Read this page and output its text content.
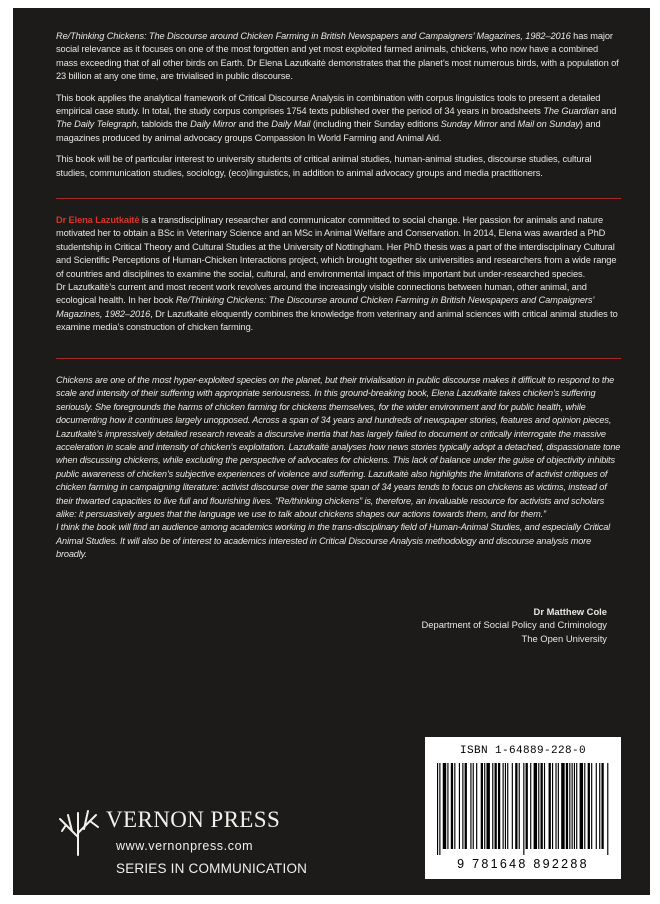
Re/Thinking Chickens: The Discourse around Chicken Farming in British Newspapers and Campaigners’ Magazines, 1982–2016 has major social relevance as it focuses on one of the most forgotten and yet most exploited farmed animals, chickens, who now have a combined mass exceeding that of all other birds on Earth. Dr Elena Lazutkaitė demonstrates that the planet’s most numerous birds, with a population of 23 billion at any one time, are trivialised in public discourse.

This book applies the analytical framework of Critical Discourse Analysis in combination with corpus linguistics tools to present a detailed empirical case study. In total, the study corpus comprises 1754 texts published over the period of 34 years in broadsheets The Guardian and The Daily Telegraph, tabloids the Daily Mirror and the Daily Mail (including their Sunday editions Sunday Mirror and Mail on Sunday) and magazines produced by animal advocacy groups Compassion In World Farming and Animal Aid.

This book will be of particular interest to university students of critical animal studies, human-animal studies, discourse studies, cultural studies, communication studies, sociology, (eco)linguistics, in addition to animal advocacy groups and media practitioners.

Dr Elena Lazutkaitė is a transdisciplinary researcher and communicator committed to social change. Her passion for animals and nature motivated her to obtain a BSc in Veterinary Science and an MSc in Animal Welfare and Conservation. In 2014, Elena was awarded a PhD studentship in Critical Theory and Cultural Studies at the University of Nottingham. Her PhD thesis was a part of the interdisciplinary Cultural and Scientific Perceptions of Human-Chicken Interactions project, which brought together six universities and researchers from a wide range of countries and disciplines to examine the social, cultural, and environmental impact of this important but under-researched species.

Dr Lazutkaitė’s current and most recent work revolves around the increasingly visible connections between human, other animal, and ecological health. In her book Re/Thinking Chickens: The Discourse around Chicken Farming in British Newspapers and Campaigners’ Magazines, 1982–2016, Dr Lazutkaitė eloquently combines the knowledge from veterinary and animal sciences with critical animal studies to examine media’s construction of chicken farming.

Chickens are one of the most hyper-exploited species on the planet, but their trivialisation in public discourse makes it difficult to respond to the scale and intensity of their suffering with appropriate seriousness. In this ground-breaking book, Elena Lazutkaitė takes chicken’s suffering seriously. She foregrounds the harms of chicken farming for chickens themselves, for the wider environment and for public health, while documenting how it continues largely unopposed. Across a span of 34 years and hundreds of newspaper stories, features and opinion pieces, Lazutkaitė’s impressively detailed research reveals a discursive inertia that has largely failed to document or critically interrogate the massive acceleration in scale and intensity of chicken’s exploitation. Lazutkaitė analyses how news stories typically adopt a detached, dispassionate tone when discussing chickens, while excluding the perspective of advocates for chickens. This lack of balance under the guise of objectivity inhibits public awareness of chicken’s subjective experiences of violence and suffering. Lazutkaitė also highlights the limitations of activist critiques of chicken farming in campaigning literature: activist discourse over the same span of 34 years tends to focus on chickens as victims, instead of their thwarted capacities to live full and flourishing lives. “Re/thinking chickens” is, therefore, an invaluable resource for activists and scholars alike: it persuasively argues that the language we use to talk about chickens shapes our actions towards them, and for them.”

I think the book will find an audience among academics working in the trans-disciplinary field of Human-Animal Studies, and especially Critical Animal Studies. It will also be of interest to academics interested in Critical Discourse Analysis methodology and discourse analysis more broadly.

Dr Matthew Cole
Department of Social Policy and Criminology
The Open University
ISBN 1-64889-228-0
9 781648 892288
VERNON PRESS
www.vernonpress.com
SERIES IN COMMUNICATION
